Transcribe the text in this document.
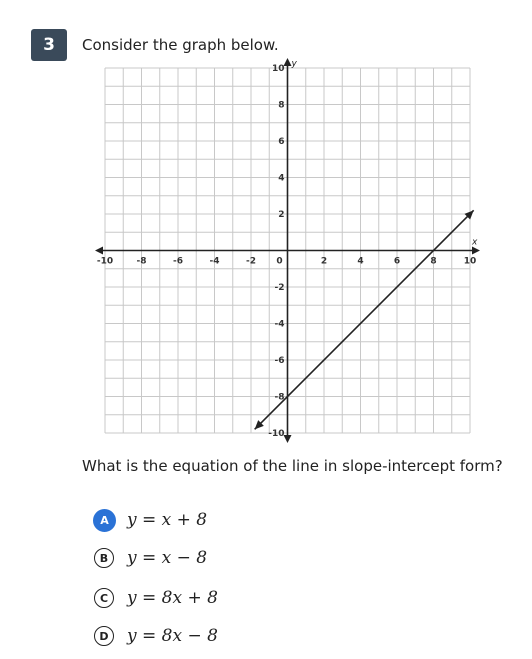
3	Consider the graph below.
x
y
-10	-8	-6	-4	-2 0	2	4	6	8	10
10
8
6
4
2
-2
-4
-6
-8
-10
What is the equation of the line in slope-intercept form?
A	y = x + 8
B	y = x − 8
C	y = 8x + 8
D	y = 8x − 8
